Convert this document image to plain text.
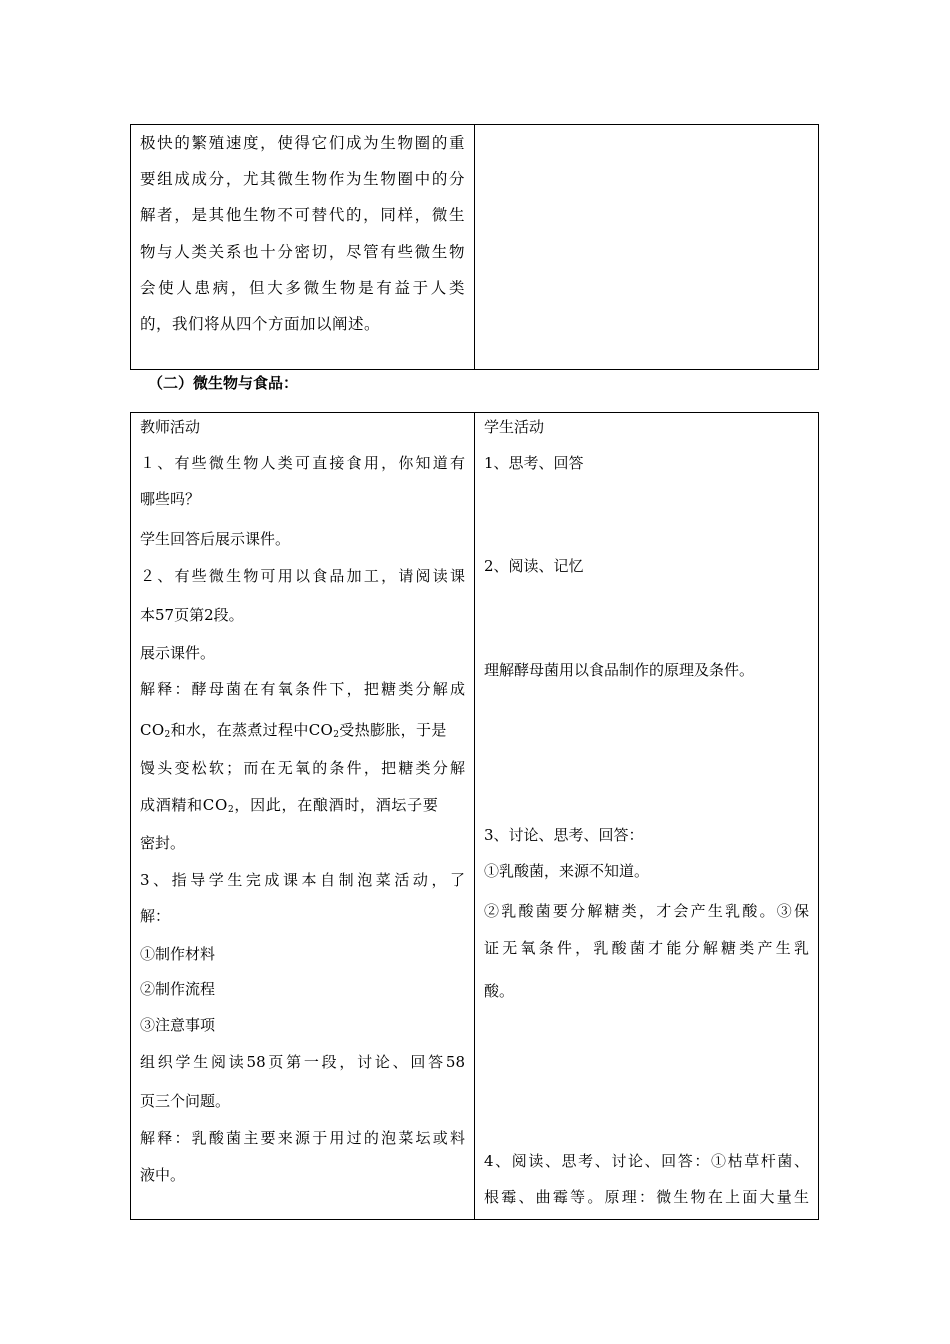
极快的繁殖速度，使得它们成为生物圈的重

要组成成分，尤其微生物作为生物圈中的分

解者，是其他生物不可替代的，同样，微生

物与人类关系也十分密切，尽管有些微生物

会使人患病，但大多微生物是有益于人类

的，我们将从四个方面加以阐述。

（二）微生物与食品：
教师活动
１、有些微生物人类可直接食用，你知道有
哪些吗？
学生回答后展示课件。
２、有些微生物可用以食品加工，请阅读课
本57页第2段。
展示课件。
解释：酵母菌在有氧条件下，把糖类分解成
$CO_2$和水，在蒸煮过程中$CO_2$受热膨胀，于是
馒头变松软；而在无氧的条件，把糖类分解
成酒精和$CO_2$，因此，在酿酒时，酒坛子要
密封。
3、指导学生完成课本自制泡菜活动，了
解：
①制作材料
②制作流程
③注意事项
组织学生阅读58页第一段，讨论、回答58
页三个问题。
解释：乳酸菌主要来源于用过的泡菜坛或料
液中。
学生活动
1、思考、回答
2、阅读、记忆
理解酵母菌用以食品制作的原理及条件。
3、讨论、思考、回答：
①乳酸菌，来源不知道。
②乳酸菌要分解糖类，才会产生乳酸。③保
证无氧条件，乳酸菌才能分解糖类产生乳
酸。
4、阅读、思考、讨论、回答：①枯草杆菌、
根霉、曲霉等。原理：微生物在上面大量生
